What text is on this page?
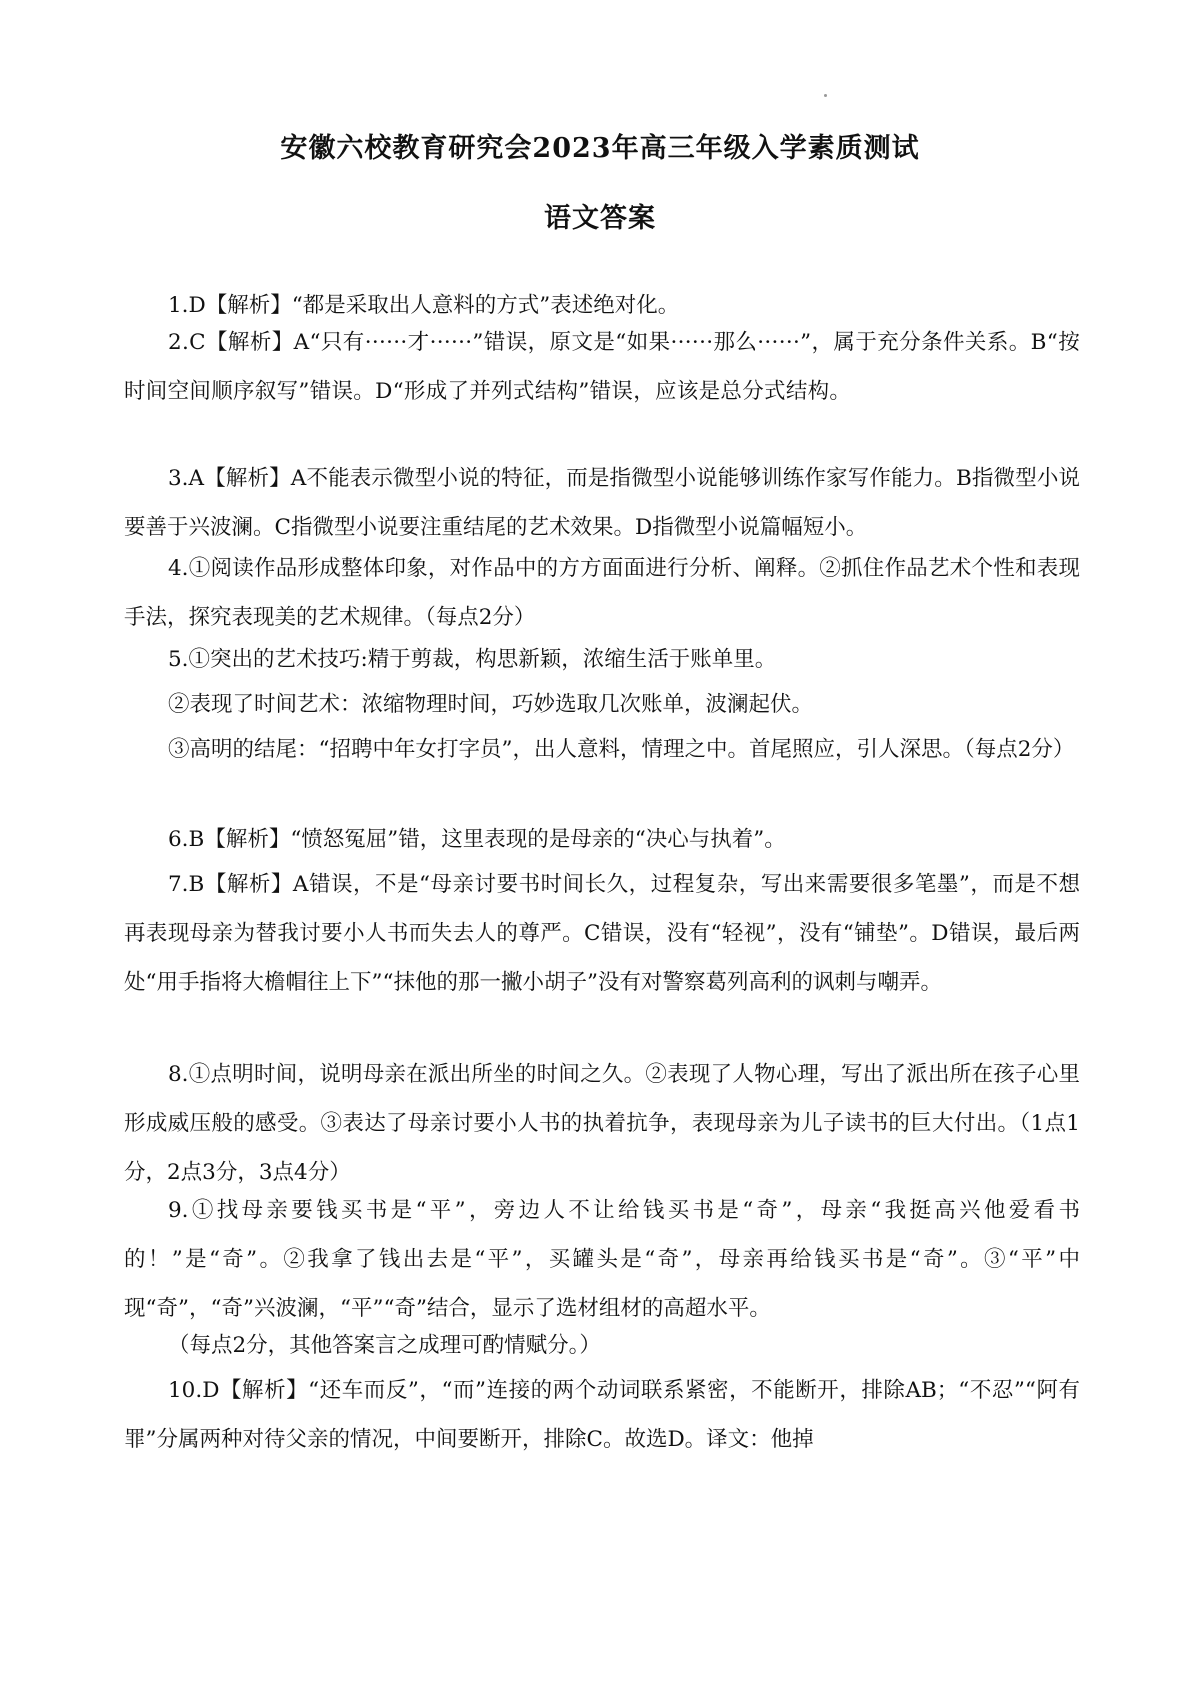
安徽六校教育研究会2023年高三年级入学素质测试
语文答案
1.D【解析】“都是采取出人意料的方式”表述绝对化。
2.C【解析】A“只有······才······”错误，原文是“如果······那么······”，属于充分条件关系。B“按时间空间顺序叙写”错误。D“形成了并列式结构”错误，应该是总分式结构。
3.A【解析】A不能表示微型小说的特征，而是指微型小说能够训练作家写作能力。B指微型小说要善于兴波澜。C指微型小说要注重结尾的艺术效果。D指微型小说篇幅短小。
4.①阅读作品形成整体印象，对作品中的方方面面进行分析、阐释。②抓住作品艺术个性和表现手法，探究表现美的艺术规律。（每点2分）
5.①突出的艺术技巧:精于剪裁，构思新颖，浓缩生活于账单里。
②表现了时间艺术：浓缩物理时间，巧妙选取几次账单，波澜起伏。
③高明的结尾：“招聘中年女打字员”，出人意料，情理之中。首尾照应，引人深思。（每点2分）
6.B【解析】“愤怒冤屈”错，这里表现的是母亲的“决心与执着”。
7.B【解析】A错误，不是“母亲讨要书时间长久，过程复杂，写出来需要很多笔墨”，而是不想再表现母亲为替我讨要小人书而失去人的尊严。C错误，没有“轻视”，没有“铺垫”。D错误，最后两处“用手指将大檐帽往上下”“抹他的那一撇小胡子”没有对警察葛列高利的讽刺与嘲弄。
8.①点明时间，说明母亲在派出所坐的时间之久。②表现了人物心理，写出了派出所在孩子心里形成威压般的感受。③表达了母亲讨要小人书的执着抗争，表现母亲为儿子读书的巨大付出。（1点1分，2点3分，3点4分）
9.①找母亲要钱买书是“平”，旁边人不让给钱买书是“奇”，母亲“我挺高兴他爱看书的！”是“奇”。②我拿了钱出去是“平”，买罐头是“奇”，母亲再给钱买书是“奇”。③“平”中现“奇”，“奇”兴波澜，“平”“奇”结合，显示了选材组材的高超水平。
（每点2分，其他答案言之成理可酌情赋分。）
10.D【解析】“还车而反”，“而”连接的两个动词联系紧密，不能断开，排除AB；“不忍”“阿有罪”分属两种对待父亲的情况，中间要断开，排除C。故选D。译文：他掉
